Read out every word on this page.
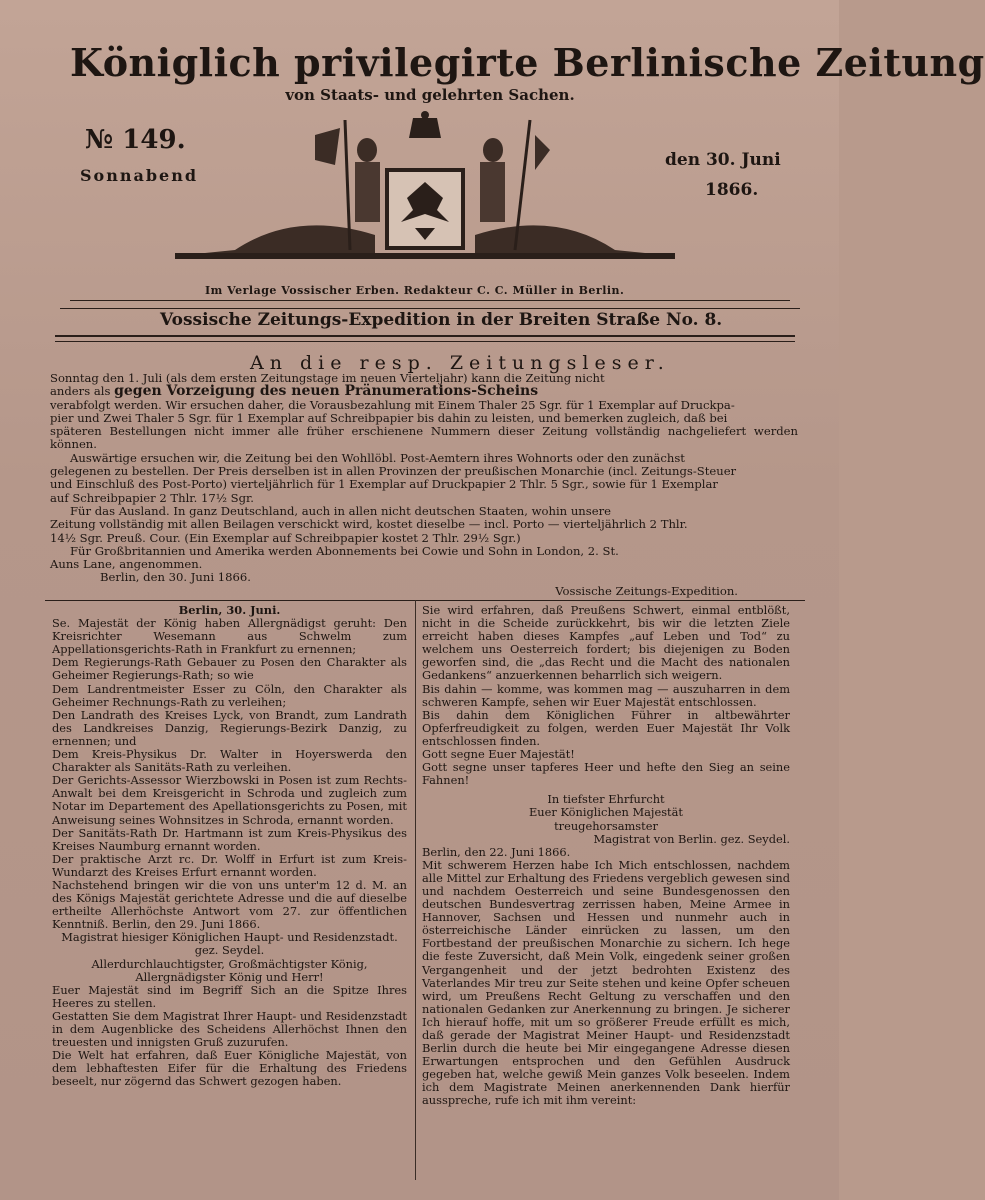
Königlich privilegirte Berlinische Zeitung
von Staats- und gelehrten Sachen.
№ 149.
Sonnabend
den 30. Juni
1866.
Im Verlage Vossischer Erben. Redakteur C. C. Müller in Berlin.
Vossische Zeitungs-Expedition in der Breiten Straße No. 8.
An die resp. Zeitungsleser.

Sonntag den 1. Juli (als dem ersten Zeitungstage im neuen Vierteljahr) kann die Zeitung nicht

anders als gegen Vorzeigung des neuen Pränumerations-Scheins

verabfolgt werden. Wir ersuchen daher, die Vorausbezahlung mit Einem Thaler 25 Sgr. für 1 Exemplar auf Druckpa-

pier und Zwei Thaler 5 Sgr. für 1 Exemplar auf Schreibpapier bis dahin zu leisten, und bemerken zugleich, daß bei

späteren Bestellungen nicht immer alle früher erschienene Nummern dieser Zeitung vollständig nachgeliefert werden können.

Auswärtige ersuchen wir, die Zeitung bei den Wohllöbl. Post-Aemtern ihres Wohnorts oder den zunächst

gelegenen zu bestellen. Der Preis derselben ist in allen Provinzen der preußischen Monarchie (incl. Zeitungs-Steuer

und Einschluß des Post-Porto) vierteljährlich für 1 Exemplar auf Druckpapier 2 Thlr. 5 Sgr., sowie für 1 Exemplar

auf Schreibpapier 2 Thlr. 17½ Sgr.

Für das Ausland. In ganz Deutschland, auch in allen nicht deutschen Staaten, wohin unsere

Zeitung vollständig mit allen Beilagen verschickt wird, kostet dieselbe — incl. Porto — vierteljährlich 2 Thlr.

14½ Sgr. Preuß. Cour. (Ein Exemplar auf Schreibpapier kostet 2 Thlr. 29½ Sgr.)

Für Großbritannien und Amerika werden Abonnements bei Cowie und Sohn in London, 2. St.

Auns Lane, angenommen.

Berlin, den 30. Juni 1866.

Vossische Zeitungs-Expedition.

Berlin, 30. Juni.

Se. Majestät der König haben Allergnädigst geruht: Den Kreisrichter Wesemann aus Schwelm zum Appellationsgerichts-Rath in Frankfurt zu ernennen;

Dem Regierungs-Rath Gebauer zu Posen den Charakter als Geheimer Regierungs-Rath; so wie

Dem Landrentmeister Esser zu Cöln, den Charakter als Geheimer Rechnungs-Rath zu verleihen;

Den Landrath des Kreises Lyck, von Brandt, zum Landrath des Landkreises Danzig, Regierungs-Bezirk Danzig, zu ernennen; und

Dem Kreis-Physikus Dr. Walter in Hoyerswerda den Charakter als Sanitäts-Rath zu verleihen.

Der Gerichts-Assessor Wierzbowski in Posen ist zum Rechts-Anwalt bei dem Kreisgericht in Schroda und zugleich zum Notar im Departement des Apellationsgerichts zu Posen, mit Anweisung seines Wohnsitzes in Schroda, ernannt worden.

Der Sanitäts-Rath Dr. Hartmann ist zum Kreis-Physikus des Kreises Naumburg ernannt worden.

Der praktische Arzt rc. Dr. Wolff in Erfurt ist zum Kreis-Wundarzt des Kreises Erfurt ernannt worden.

Nachstehend bringen wir die von uns unter'm 12 d. M. an des Königs Majestät gerichtete Adresse und die auf dieselbe ertheilte Allerhöchste Antwort vom 27. zur öffentlichen Kenntniß. Berlin, den 29. Juni 1866.

Magistrat hiesiger Königlichen Haupt- und Residenzstadt.

gez. Seydel.

Allerdurchlauchtigster, Großmächtigster König, Allergnädigster König und Herr!

Euer Majestät sind im Begriff Sich an die Spitze Ihres Heeres zu stellen.

Gestatten Sie dem Magistrat Ihrer Haupt- und Residenzstadt in dem Augenblicke des Scheidens Allerhöchst Ihnen den treuesten und innigsten Gruß zuzurufen.

Die Welt hat erfahren, daß Euer Königliche Majestät, von dem lebhaftesten Eifer für die Erhaltung des Friedens beseelt, nur zögernd das Schwert gezogen haben.

Sie wird erfahren, daß Preußens Schwert, einmal entblößt, nicht in die Scheide zurückkehrt, bis wir die letzten Ziele erreicht haben dieses Kampfes „auf Leben und Tod“ zu welchem uns Oesterreich fordert; bis diejenigen zu Boden geworfen sind, die „das Recht und die Macht des nationalen Gedankens“ anzuerkennen beharrlich sich weigern.

Bis dahin — komme, was kommen mag — auszuharren in dem schweren Kampfe, sehen wir Euer Majestät entschlossen.

Bis dahin dem Königlichen Führer in altbewährter Opferfreudigkeit zu folgen, werden Euer Majestät Ihr Volk entschlossen finden.

Gott segne Euer Majestät!

Gott segne unser tapferes Heer und hefte den Sieg an seine Fahnen!

In tiefster Ehrfurcht

Euer Königlichen Majestät

treugehorsamster

Magistrat von Berlin. gez. Seydel.

Berlin, den 22. Juni 1866.

Mit schwerem Herzen habe Ich Mich entschlossen, nachdem alle Mittel zur Erhaltung des Friedens vergeblich gewesen sind und nachdem Oesterreich und seine Bundesgenossen den deutschen Bundesvertrag zerrissen haben, Meine Armee in Hannover, Sachsen und Hessen und nunmehr auch in österreichische Länder einrücken zu lassen, um den Fortbestand der preußischen Monarchie zu sichern. Ich hege die feste Zuversicht, daß Mein Volk, eingedenk seiner großen Vergangenheit und der jetzt bedrohten Existenz des Vaterlandes Mir treu zur Seite stehen und keine Opfer scheuen wird, um Preußens Recht Geltung zu verschaffen und den nationalen Gedanken zur Anerkennung zu bringen. Je sicherer Ich hierauf hoffe, mit um so größerer Freude erfüllt es mich, daß gerade der Magistrat Meiner Haupt- und Residenzstadt Berlin durch die heute bei Mir eingegangene Adresse diesen Erwartungen entsprochen und den Gefühlen Ausdruck gegeben hat, welche gewiß Mein ganzes Volk beseelen. Indem ich dem Magistrate Meinen anerkennenden Dank hierfür ausspreche, rufe ich mit ihm vereint:
